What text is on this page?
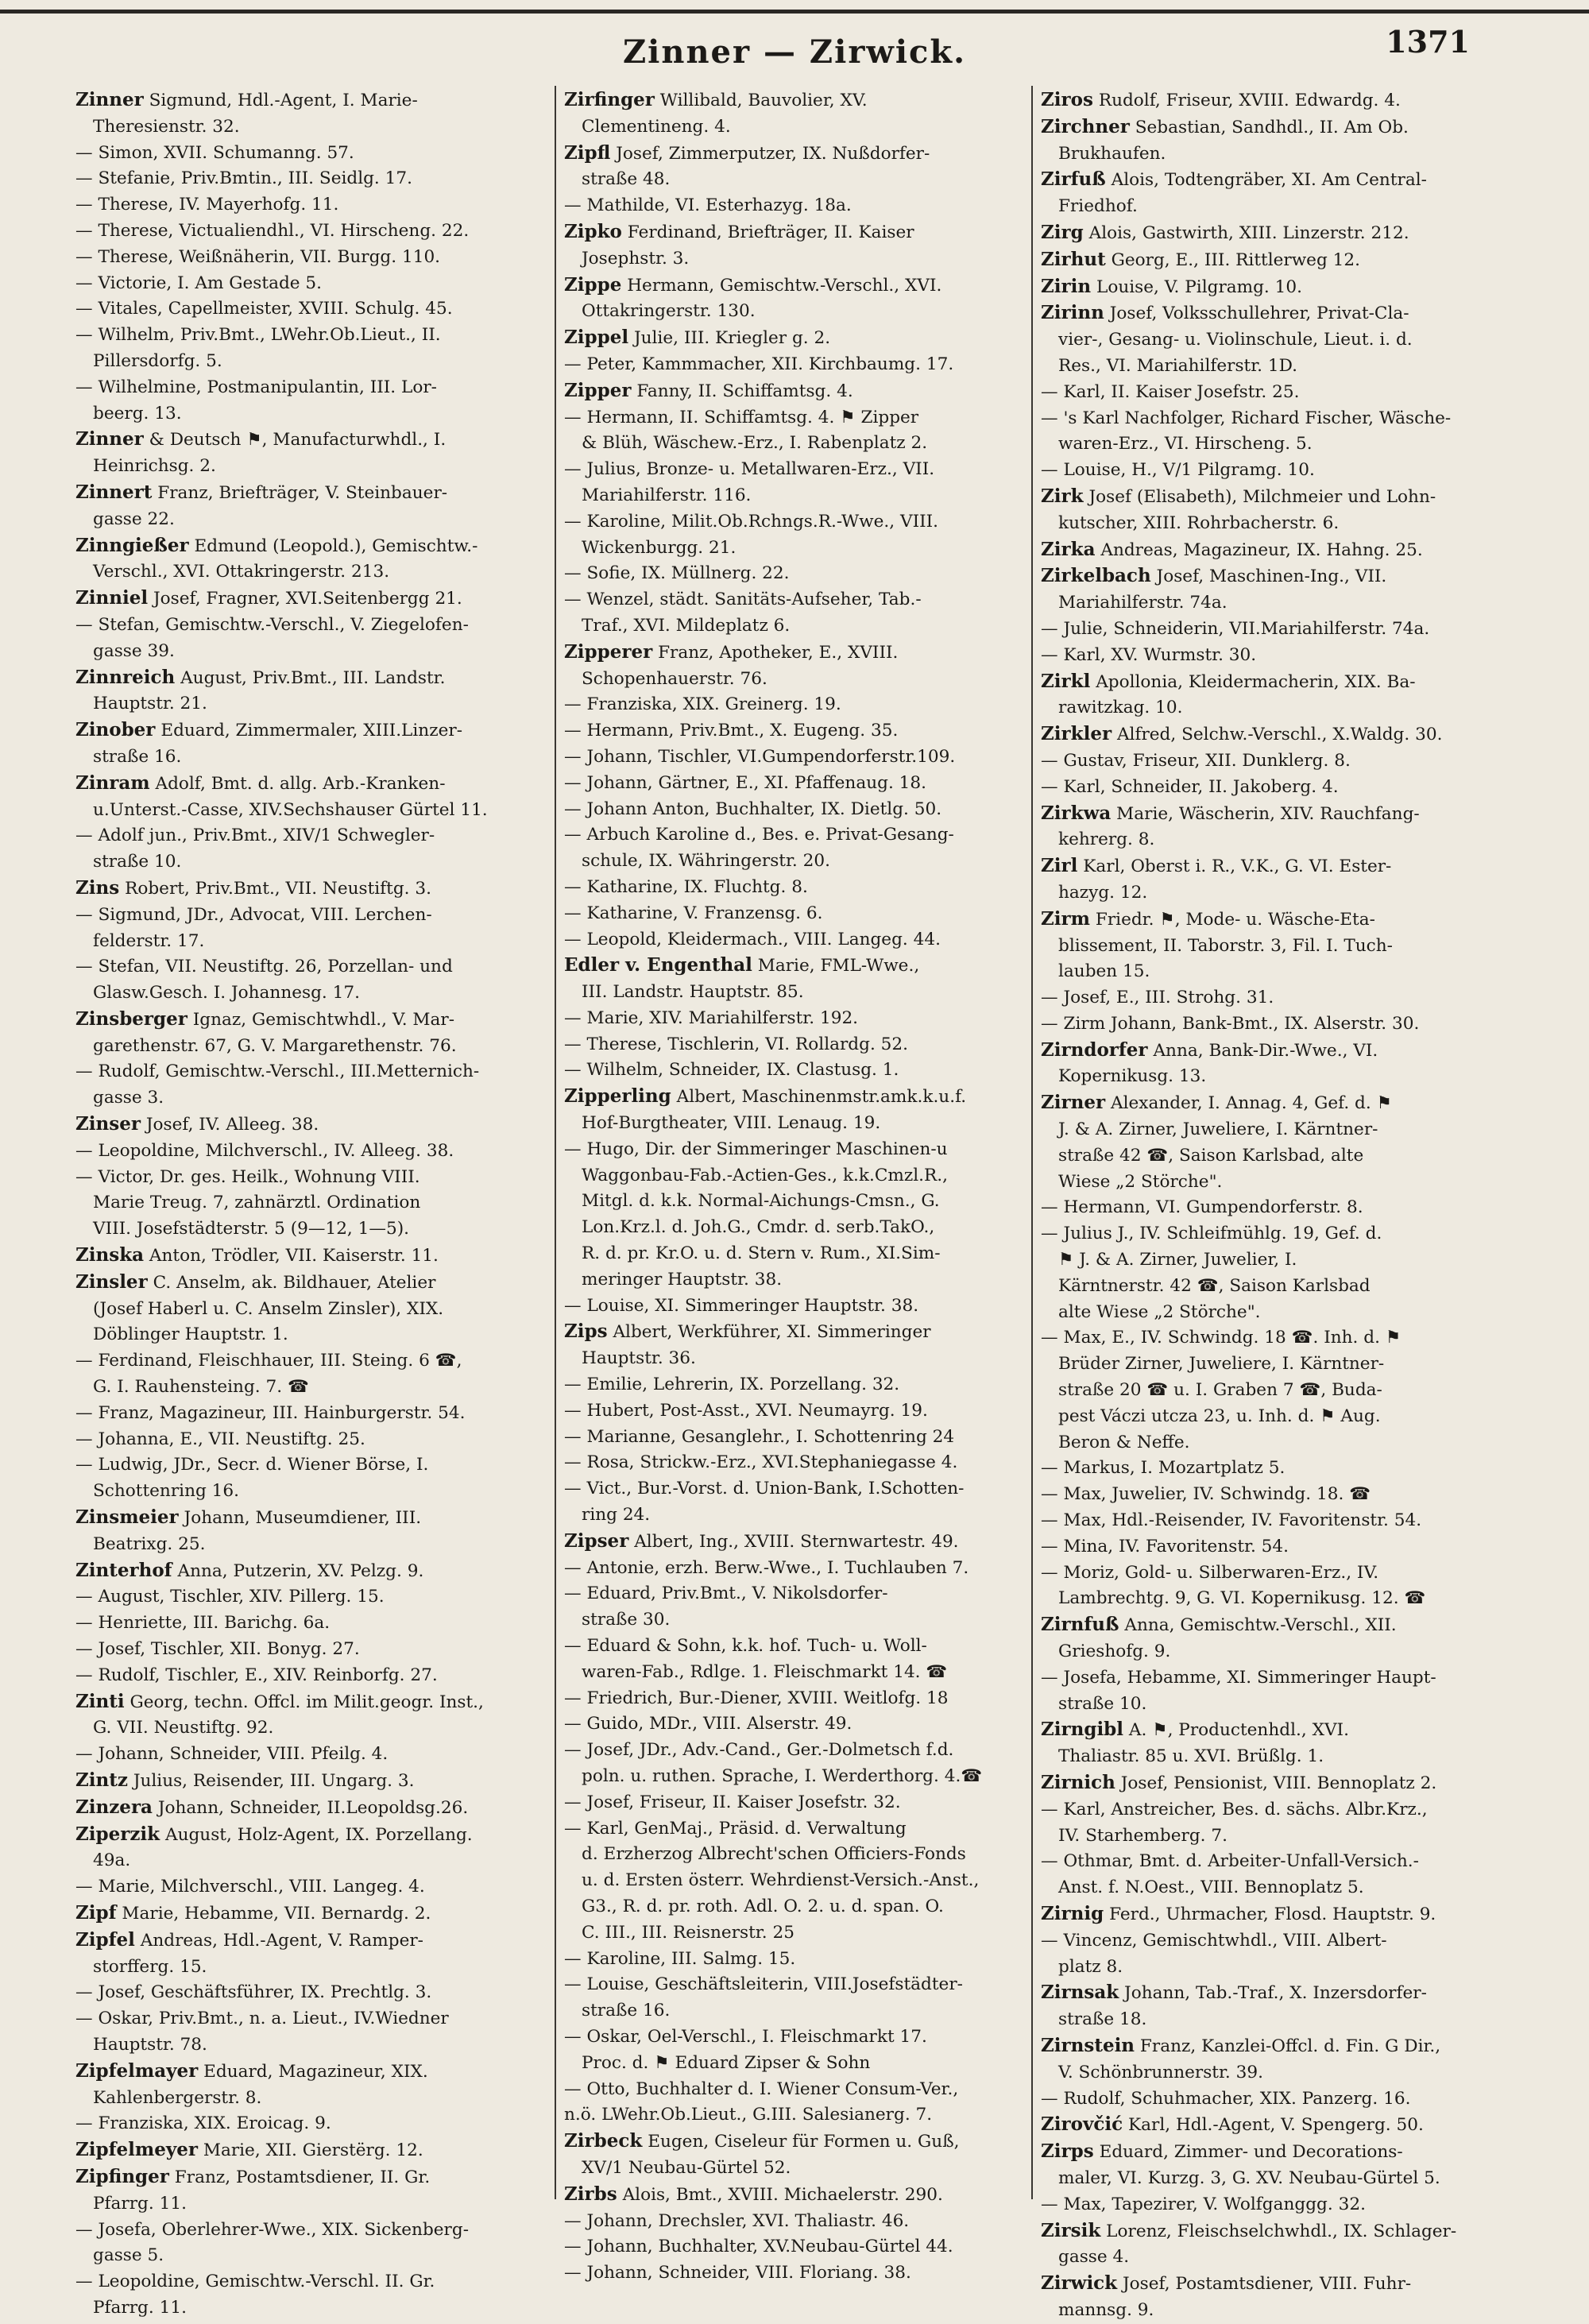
Zinner — Zirwick.	1371
Zinner Sigmund, Hdl.-Agent, I. Marie-
Theresienstr. 32.
— Simon, XVII. Schumanng. 57.
— Stefanie, Priv.Bmtin., III. Seidlg. 17.
— Therese, IV. Mayerhofg. 11.
— Therese, Victualiendhl., VI. Hirscheng. 22.
— Therese, Weißnäherin, VII. Burgg. 110.
— Victorie, I. Am Gestade 5.
— Vitales, Capellmeister, XVIII. Schulg. 45.
— Wilhelm, Priv.Bmt., LWehr.Ob.Lieut., II.
Pillersdorfg. 5.
— Wilhelmine, Postmanipulantin, III. Lor-
beerg. 13.
Zinner & Deutsch ⚑, Manufacturwhdl., I.
Heinrichsg. 2.
Zinnert Franz, Briefträger, V. Steinbauer-
gasse 22.
Zinngießer Edmund (Leopold.), Gemischtw.-
Verschl., XVI. Ottakringerstr. 213.
Zinniel Josef, Fragner, XVI.Seitenbergg 21.
— Stefan, Gemischtw.-Verschl., V. Ziegelofen-
gasse 39.
Zinnreich August, Priv.Bmt., III. Landstr.
Hauptstr. 21.
Zinober Eduard, Zimmermaler, XIII.Linzer-
straße 16.
Zinram Adolf, Bmt. d. allg. Arb.-Kranken-
u.Unterst.-Casse, XIV.Sechshauser Gürtel 11.
— Adolf jun., Priv.Bmt., XIV/1 Schwegler-
straße 10.
Zins Robert, Priv.Bmt., VII. Neustiftg. 3.
— Sigmund, JDr., Advocat, VIII. Lerchen-
felderstr. 17.
— Stefan, VII. Neustiftg. 26, Porzellan- und
Glasw.Gesch. I. Johannesg. 17.
Zinsberger Ignaz, Gemischtwhdl., V. Mar-
garethenstr. 67, G. V. Margarethenstr. 76.
— Rudolf, Gemischtw.-Verschl., III.Metternich-
gasse 3.
Zinser Josef, IV. Alleeg. 38.
— Leopoldine, Milchverschl., IV. Alleeg. 38.
— Victor, Dr. ges. Heilk., Wohnung VIII.
Marie Treug. 7, zahnärztl. Ordination
VIII. Josefstädterstr. 5 (9—12, 1—5).
Zinska Anton, Trödler, VII. Kaiserstr. 11.
Zinsler C. Anselm, ak. Bildhauer, Atelier
(Josef Haberl u. C. Anselm Zinsler), XIX.
Döblinger Hauptstr. 1.
— Ferdinand, Fleischhauer, III. Steing. 6 ☎,
G. I. Rauhensteing. 7. ☎
— Franz, Magazineur, III. Hainburgerstr. 54.
— Johanna, E., VII. Neustiftg. 25.
— Ludwig, JDr., Secr. d. Wiener Börse, I.
Schottenring 16.
Zinsmeier Johann, Museumdiener, III.
Beatrixg. 25.
Zinterhof Anna, Putzerin, XV. Pelzg. 9.
— August, Tischler, XIV. Pillerg. 15.
— Henriette, III. Barichg. 6a.
— Josef, Tischler, XII. Bonyg. 27.
— Rudolf, Tischler, E., XIV. Reinborfg. 27.
Zinti Georg, techn. Offcl. im Milit.geogr. Inst.,
G. VII. Neustiftg. 92.
— Johann, Schneider, VIII. Pfeilg. 4.
Zintz Julius, Reisender, III. Ungarg. 3.
Zinzera Johann, Schneider, II.Leopoldsg.26.
Ziperzik August, Holz-Agent, IX. Porzellang.
49a.
— Marie, Milchverschl., VIII. Langeg. 4.
Zipf Marie, Hebamme, VII. Bernardg. 2.
Zipfel Andreas, Hdl.-Agent, V. Ramper-
storfferg. 15.
— Josef, Geschäftsführer, IX. Prechtlg. 3.
— Oskar, Priv.Bmt., n. a. Lieut., IV.Wiedner
Hauptstr. 78.
Zipfelmayer Eduard, Magazineur, XIX.
Kahlenbergerstr. 8.
— Franziska, XIX. Eroicag. 9.
Zipfelmeyer Marie, XII. Gierstërg. 12.
Zipfinger Franz, Postamtsdiener, II. Gr.
Pfarrg. 11.
— Josefa, Oberlehrer-Wwe., XIX. Sickenberg-
gasse 5.
— Leopoldine, Gemischtw.-Verschl. II. Gr.
Pfarrg. 11.
Zirfinger Willibald, Bauvolier, XV.
Clementineng. 4.
Zipfl Josef, Zimmerputzer, IX. Nußdorfer-
straße 48.
— Mathilde, VI. Esterhazyg. 18a.
Zipko Ferdinand, Briefträger, II. Kaiser
Josephstr. 3.
Zippe Hermann, Gemischtw.-Verschl., XVI.
Ottakringerstr. 130.
Zippel Julie, III. Kriegler g. 2.
— Peter, Kammmacher, XII. Kirchbaumg. 17.
Zipper Fanny, II. Schiffamtsg. 4.
— Hermann, II. Schiffamtsg. 4. ⚑ Zipper
& Blüh, Wäschew.-Erz., I. Rabenplatz 2.
— Julius, Bronze- u. Metallwaren-Erz., VII.
Mariahilferstr. 116.
— Karoline, Milit.Ob.Rchngs.R.-Wwe., VIII.
Wickenburgg. 21.
— Sofie, IX. Müllnerg. 22.
— Wenzel, städt. Sanitäts-Aufseher, Tab.-
Traf., XVI. Mildeplatz 6.
Zipperer Franz, Apotheker, E., XVIII.
Schopenhauerstr. 76.
— Franziska, XIX. Greinerg. 19.
— Hermann, Priv.Bmt., X. Eugeng. 35.
— Johann, Tischler, VI.Gumpendorferstr.109.
— Johann, Gärtner, E., XI. Pfaffenaug. 18.
— Johann Anton, Buchhalter, IX. Dietlg. 50.
— Arbuch Karoline d., Bes. e. Privat-Gesang-
schule, IX. Währingerstr. 20.
— Katharine, IX. Fluchtg. 8.
— Katharine, V. Franzensg. 6.
— Leopold, Kleidermach., VIII. Langeg. 44.
Edler v. Engenthal Marie, FML-Wwe.,
III. Landstr. Hauptstr. 85.
— Marie, XIV. Mariahilferstr. 192.
— Therese, Tischlerin, VI. Rollardg. 52.
— Wilhelm, Schneider, IX. Clastusg. 1.
Zipperling Albert, Maschinenmstr.amk.k.u.f.
Hof-Burgtheater, VIII. Lenaug. 19.
— Hugo, Dir. der Simmeringer Maschinen-u
Waggonbau-Fab.-Actien-Ges., k.k.Cmzl.R.,
Mitgl. d. k.k. Normal-Aichungs-Cmsn., G.
Lon.Krz.l. d. Joh.G., Cmdr. d. serb.TakO.,
R. d. pr. Kr.O. u. d. Stern v. Rum., XI.Sim-
meringer Hauptstr. 38.
— Louise, XI. Simmeringer Hauptstr. 38.
Zips Albert, Werkführer, XI. Simmeringer
Hauptstr. 36.
— Emilie, Lehrerin, IX. Porzellang. 32.
— Hubert, Post-Asst., XVI. Neumayrg. 19.
— Marianne, Gesanglehr., I. Schottenring 24
— Rosa, Strickw.-Erz., XVI.Stephaniegasse 4.
— Vict., Bur.-Vorst. d. Union-Bank, I.Schotten-
ring 24.
Zipser Albert, Ing., XVIII. Sternwartestr. 49.
— Antonie, erzh. Berw.-Wwe., I. Tuchlauben 7.
— Eduard, Priv.Bmt., V. Nikolsdorfer-
straße 30.
— Eduard & Sohn, k.k. hof. Tuch- u. Woll-
waren-Fab., Rdlge. 1. Fleischmarkt 14. ☎
— Friedrich, Bur.-Diener, XVIII. Weitlofg. 18
— Guido, MDr., VIII. Alserstr. 49.
— Josef, JDr., Adv.-Cand., Ger.-Dolmetsch f.d.
poln. u. ruthen. Sprache, I. Werderthorg. 4.☎
— Josef, Friseur, II. Kaiser Josefstr. 32.
— Karl, GenMaj., Präsid. d. Verwaltung
d. Erzherzog Albrecht'schen Officiers-Fonds
u. d. Ersten österr. Wehrdienst-Versich.-Anst.,
G3., R. d. pr. roth. Adl. O. 2. u. d. span. O.
C. III., III. Reisnerstr. 25
— Karoline, III. Salmg. 15.
— Louise, Geschäftsleiterin, VIII.Josefstädter-
straße 16.
— Oskar, Oel-Verschl., I. Fleischmarkt 17.
Proc. d. ⚑ Eduard Zipser & Sohn
— Otto, Buchhalter d. I. Wiener Consum-Ver.,
n.ö. LWehr.Ob.Lieut., G.III. Salesianerg. 7.
Zirbeck Eugen, Ciseleur für Formen u. Guß,
XV/1 Neubau-Gürtel 52.
Zirbs Alois, Bmt., XVIII. Michaelerstr. 290.
— Johann, Drechsler, XVI. Thaliastr. 46.
— Johann, Buchhalter, XV.Neubau-Gürtel 44.
— Johann, Schneider, VIII. Floriang. 38.
Ziros Rudolf, Friseur, XVIII. Edwardg. 4.
Zirchner Sebastian, Sandhdl., II. Am Ob.
Brukhaufen.
Zirfuß Alois, Todtengräber, XI. Am Central-
Friedhof.
Zirg Alois, Gastwirth, XIII. Linzerstr. 212.
Zirhut Georg, E., III. Rittlerweg 12.
Zirin Louise, V. Pilgramg. 10.
Zirinn Josef, Volksschullehrer, Privat-Cla-
vier-, Gesang- u. Violinschule, Lieut. i. d.
Res., VI. Mariahilferstr. 1D.
— Karl, II. Kaiser Josefstr. 25.
— 's Karl Nachfolger, Richard Fischer, Wäsche-
waren-Erz., VI. Hirscheng. 5.
— Louise, H., V/1 Pilgramg. 10.
Zirk Josef (Elisabeth), Milchmeier und Lohn-
kutscher, XIII. Rohrbacherstr. 6.
Zirka Andreas, Magazineur, IX. Hahng. 25.
Zirkelbach Josef, Maschinen-Ing., VII.
Mariahilferstr. 74a.
— Julie, Schneiderin, VII.Mariahilferstr. 74a.
— Karl, XV. Wurmstr. 30.
Zirkl Apollonia, Kleidermacherin, XIX. Ba-
rawitzkag. 10.
Zirkler Alfred, Selchw.-Verschl., X.Waldg. 30.
— Gustav, Friseur, XII. Dunklerg. 8.
— Karl, Schneider, II. Jakoberg. 4.
Zirkwa Marie, Wäscherin, XIV. Rauchfang-
kehrerg. 8.
Zirl Karl, Oberst i. R., V.K., G. VI. Ester-
hazyg. 12.
Zirm Friedr. ⚑, Mode- u. Wäsche-Eta-
blissement, II. Taborstr. 3, Fil. I. Tuch-
lauben 15.
— Josef, E., III. Strohg. 31.
— Zirm Johann, Bank-Bmt., IX. Alserstr. 30.
Zirndorfer Anna, Bank-Dir.-Wwe., VI.
Kopernikusg. 13.
Zirner Alexander, I. Annag. 4, Gef. d. ⚑
J. & A. Zirner, Juweliere, I. Kärntner-
straße 42 ☎, Saison Karlsbad, alte
Wiese „2 Störche".
— Hermann, VI. Gumpendorferstr. 8.
— Julius J., IV. Schleifmühlg. 19, Gef. d.
⚑ J. & A. Zirner, Juwelier, I.
Kärntnerstr. 42 ☎, Saison Karlsbad
alte Wiese „2 Störche".
— Max, E., IV. Schwindg. 18 ☎. Inh. d. ⚑
Brüder Zirner, Juweliere, I. Kärntner-
straße 20 ☎ u. I. Graben 7 ☎, Buda-
pest Váczi utcza 23, u. Inh. d. ⚑ Aug.
Beron & Neffe.
— Markus, I. Mozartplatz 5.
— Max, Juwelier, IV. Schwindg. 18. ☎
— Max, Hdl.-Reisender, IV. Favoritenstr. 54.
— Mina, IV. Favoritenstr. 54.
— Moriz, Gold- u. Silberwaren-Erz., IV.
Lambrechtg. 9, G. VI. Kopernikusg. 12. ☎
Zirnfuß Anna, Gemischtw.-Verschl., XII.
Grieshofg. 9.
— Josefa, Hebamme, XI. Simmeringer Haupt-
straße 10.
Zirngibl A. ⚑, Productenhdl., XVI.
Thaliastr. 85 u. XVI. Brüßlg. 1.
Zirnich Josef, Pensionist, VIII. Bennoplatz 2.
— Karl, Anstreicher, Bes. d. sächs. Albr.Krz.,
IV. Starhemberg. 7.
— Othmar, Bmt. d. Arbeiter-Unfall-Versich.-
Anst. f. N.Oest., VIII. Bennoplatz 5.
Zirnig Ferd., Uhrmacher, Flosd. Hauptstr. 9.
— Vincenz, Gemischtwhdl., VIII. Albert-
platz 8.
Zirnsak Johann, Tab.-Traf., X. Inzersdorfer-
straße 18.
Zirnstein Franz, Kanzlei-Offcl. d. Fin. G Dir.,
V. Schönbrunnerstr. 39.
— Rudolf, Schuhmacher, XIX. Panzerg. 16.
Zirovčić Karl, Hdl.-Agent, V. Spengerg. 50.
Zirps Eduard, Zimmer- und Decorations-
maler, VI. Kurzg. 3, G. XV. Neubau-Gürtel 5.
— Max, Tapezirer, V. Wolfganggg. 32.
Zirsik Lorenz, Fleischselchwhdl., IX. Schlager-
gasse 4.
Zirwick Josef, Postamtsdiener, VIII. Fuhr-
mannsg. 9.
